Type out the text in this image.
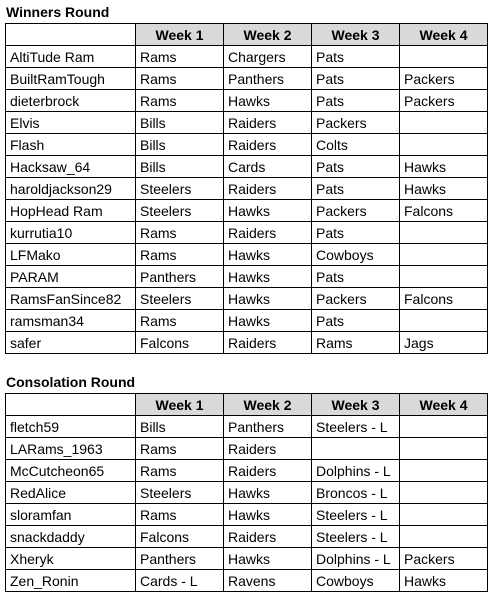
Winners Round
	Week 1	Week 2	Week 3	Week 4
AltiTude Ram	Rams	Chargers	Pats	
BuiltRamTough	Rams	Panthers	Pats	Packers
dieterbrock	Rams	Hawks	Pats	Packers
Elvis	Bills	Raiders	Packers	
Flash	Bills	Raiders	Colts	
Hacksaw_64	Bills	Cards	Pats	Hawks
haroldjackson29	Steelers	Raiders	Pats	Hawks
HopHead Ram	Steelers	Hawks	Packers	Falcons
kurrutia10	Rams	Raiders	Pats	
LFMako	Rams	Hawks	Cowboys	
PARAM	Panthers	Hawks	Pats	
RamsFanSince82	Steelers	Hawks	Packers	Falcons
ramsman34	Rams	Hawks	Pats	
safer	Falcons	Raiders	Rams	Jags
Consolation Round
	Week 1	Week 2	Week 3	Week 4
fletch59	Bills	Panthers	Steelers - L	
LARams_1963	Rams	Raiders		
McCutcheon65	Rams	Raiders	Dolphins - L	
RedAlice	Steelers	Hawks	Broncos - L	
sloramfan	Rams	Hawks	Steelers - L	
snackdaddy	Falcons	Raiders	Steelers - L	
Xheryk	Panthers	Hawks	Dolphins - L	Packers
Zen_Ronin	Cards - L	Ravens	Cowboys	Hawks
